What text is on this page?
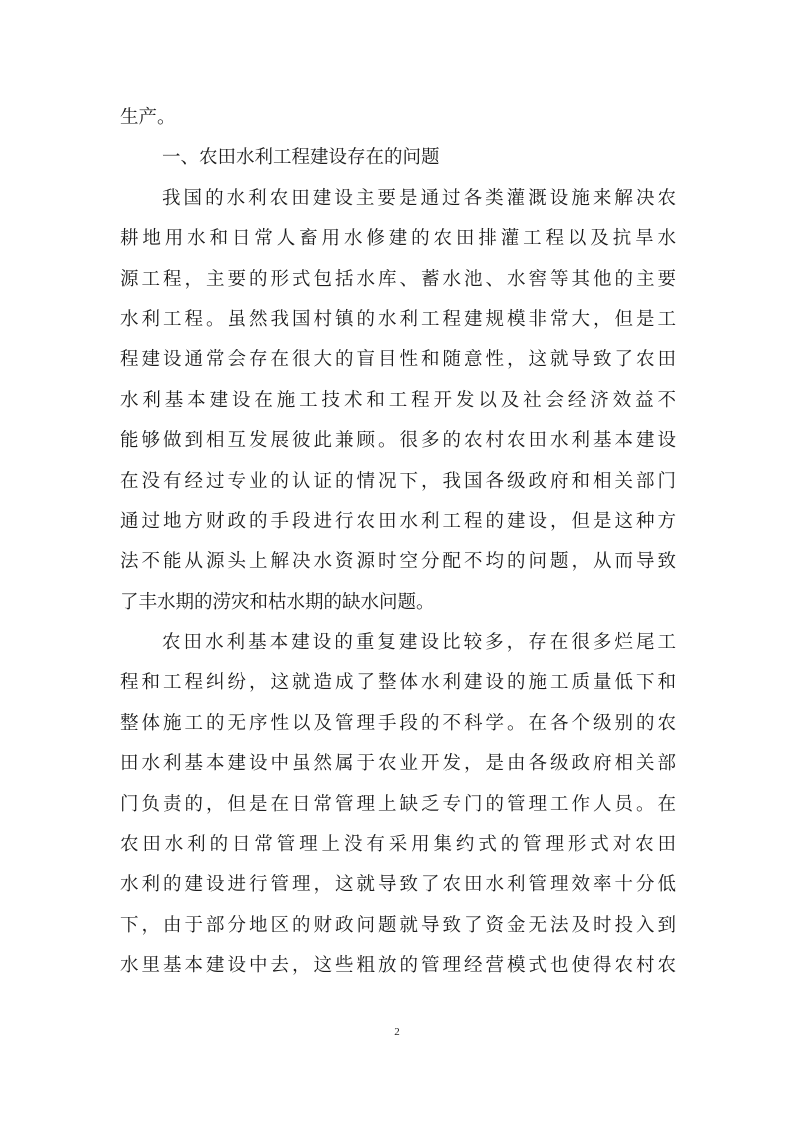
生产。
一、农田水利工程建设存在的问题
我国的水利农田建设主要是通过各类灌溉设施来解决农
耕地用水和日常人畜用水修建的农田排灌工程以及抗旱水
源工程，主要的形式包括水库、蓄水池、水窖等其他的主要
水利工程。虽然我国村镇的水利工程建规模非常大，但是工
程建设通常会存在很大的盲目性和随意性，这就导致了农田
水利基本建设在施工技术和工程开发以及社会经济效益不
能够做到相互发展彼此兼顾。很多的农村农田水利基本建设
在没有经过专业的认证的情况下，我国各级政府和相关部门
通过地方财政的手段进行农田水利工程的建设，但是这种方
法不能从源头上解决水资源时空分配不均的问题，从而导致
了丰水期的涝灾和枯水期的缺水问题。
农田水利基本建设的重复建设比较多，存在很多烂尾工
程和工程纠纷，这就造成了整体水利建设的施工质量低下和
整体施工的无序性以及管理手段的不科学。在各个级别的农
田水利基本建设中虽然属于农业开发，是由各级政府相关部
门负责的，但是在日常管理上缺乏专门的管理工作人员。在
农田水利的日常管理上没有采用集约式的管理形式对农田
水利的建设进行管理，这就导致了农田水利管理效率十分低
下，由于部分地区的财政问题就导致了资金无法及时投入到
水里基本建设中去，这些粗放的管理经营模式也使得农村农
2
